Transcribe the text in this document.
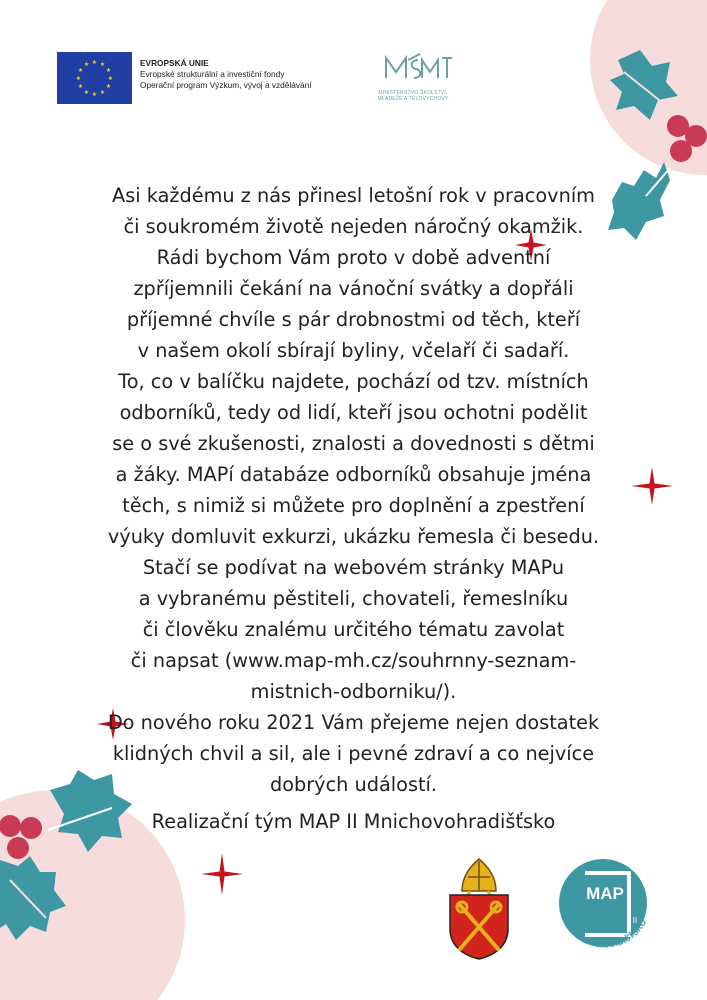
★ ★
★
★
★
★
★
★
★
★
★
★	EVROPSKÁ UNIE
Evropské strukturální a investiční fondy
Operační program Výzkum, vývoj a vzdělávání
MINISTERSTVO ŠKOLSTVÍ,
MLÁDEŽE A TĚLOVÝCHOVY

Asi každému z nás přinesl letošní rok v pracovním
či soukromém životě nejeden náročný okamžik.
Rádi bychom Vám proto v době adventní
zpříjemnili čekání na vánoční svátky a dopřáli
příjemné chvíle s pár drobnostmi od těch, kteří
v našem okolí sbírají byliny, včelaří či sadaří.
To, co v balíčku najdete, pochází od tzv. místních
odborníků, tedy od lidí, kteří jsou ochotni podělit
se o své zkušenosti, znalosti a dovednosti s dětmi
a žáky. MAPí databáze odborníků obsahuje jména
těch, s nimiž si můžete pro doplnění a zpestření
výuky domluvit exkurzi, ukázku řemesla či besedu.
Stačí se podívat na webovém stránky MAPu
a vybranému pěstiteli, chovateli, řemeslníku
či člověku znalému určitého tématu zavolat
či napsat (www.map-mh.cz/souhrnny-seznam-
mistnich-odborniku/).
Do nového roku 2021 Vám přejeme nejen dostatek
klidných chvil a sil, ale i pevné zdraví a co nejvíce
dobrých událostí.

Realizační tým MAP II Mnichovohradišťsko
MAP
II
MNICHOVOHRADIŠŤSKO
